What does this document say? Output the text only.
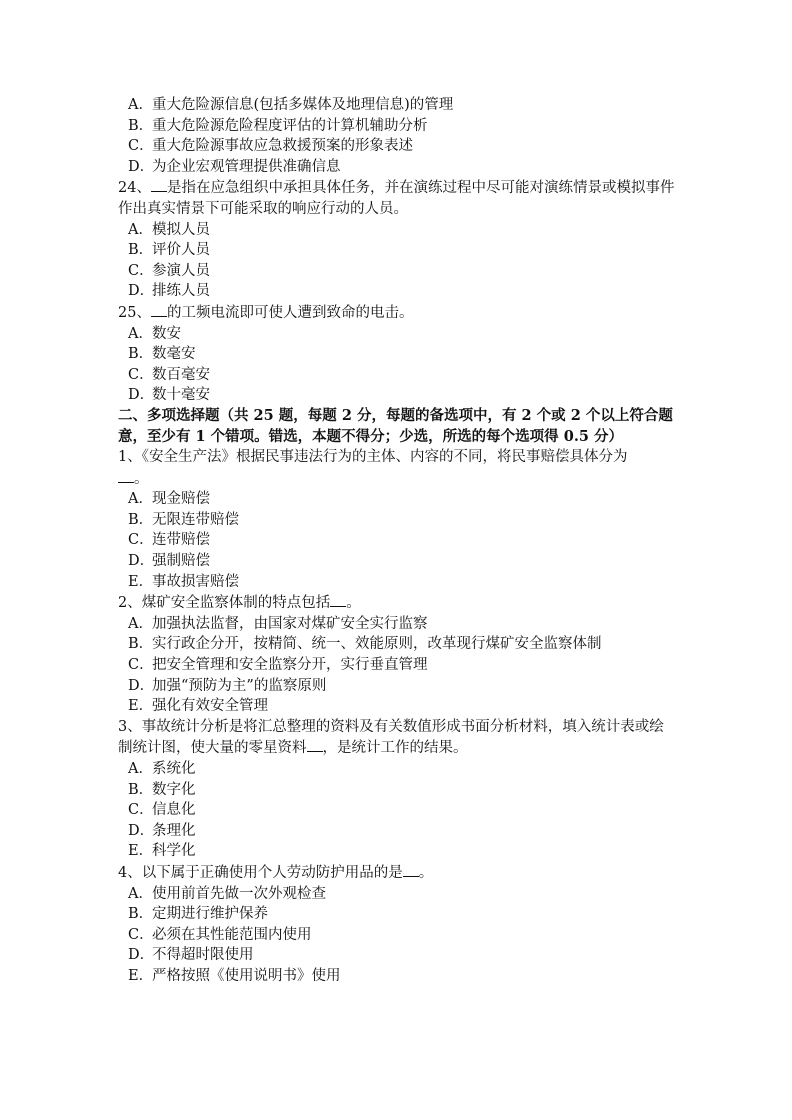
A．重大危险源信息(包括多媒体及地理信息)的管理
B．重大危险源危险程度评估的计算机辅助分析
C．重大危险源事故应急救援预案的形象表述
D．为企业宏观管理提供准确信息
24、 是指在应急组织中承担具体任务，并在演练过程中尽可能对演练情景或模拟事件作出真实情景下可能采取的响应行动的人员。
A．模拟人员
B．评价人员
C．参演人员
D．排练人员
25、 的工频电流即可使人遭到致命的电击。
A．数安
B．数毫安
C．数百毫安
D．数十毫安
二、多项选择题（共 25 题，每题 2 分，每题的备选项中，有 2 个或 2 个以上符合题意，至少有 1 个错项。错选，本题不得分；少选，所选的每个选项得 0.5 分）
1、《安全生产法》根据民事违法行为的主体、内容的不同，将民事赔偿具体分为
。
A．现金赔偿
B．无限连带赔偿
C．连带赔偿
D．强制赔偿
E．事故损害赔偿
2、煤矿安全监察体制的特点包括 。
A．加强执法监督，由国家对煤矿安全实行监察
B．实行政企分开，按精简、统一、效能原则，改革现行煤矿安全监察体制
C．把安全管理和安全监察分开，实行垂直管理
D．加强“预防为主”的监察原则
E．强化有效安全管理
3、事故统计分析是将汇总整理的资料及有关数值形成书面分析材料，填入统计表或绘制统计图，使大量的零星资料 ，是统计工作的结果。
A．系统化
B．数字化
C．信息化
D．条理化
E．科学化
4、以下属于正确使用个人劳动防护用品的是 。
A．使用前首先做一次外观检查
B．定期进行维护保养
C．必须在其性能范围内使用
D．不得超时限使用
E．严格按照《使用说明书》使用
